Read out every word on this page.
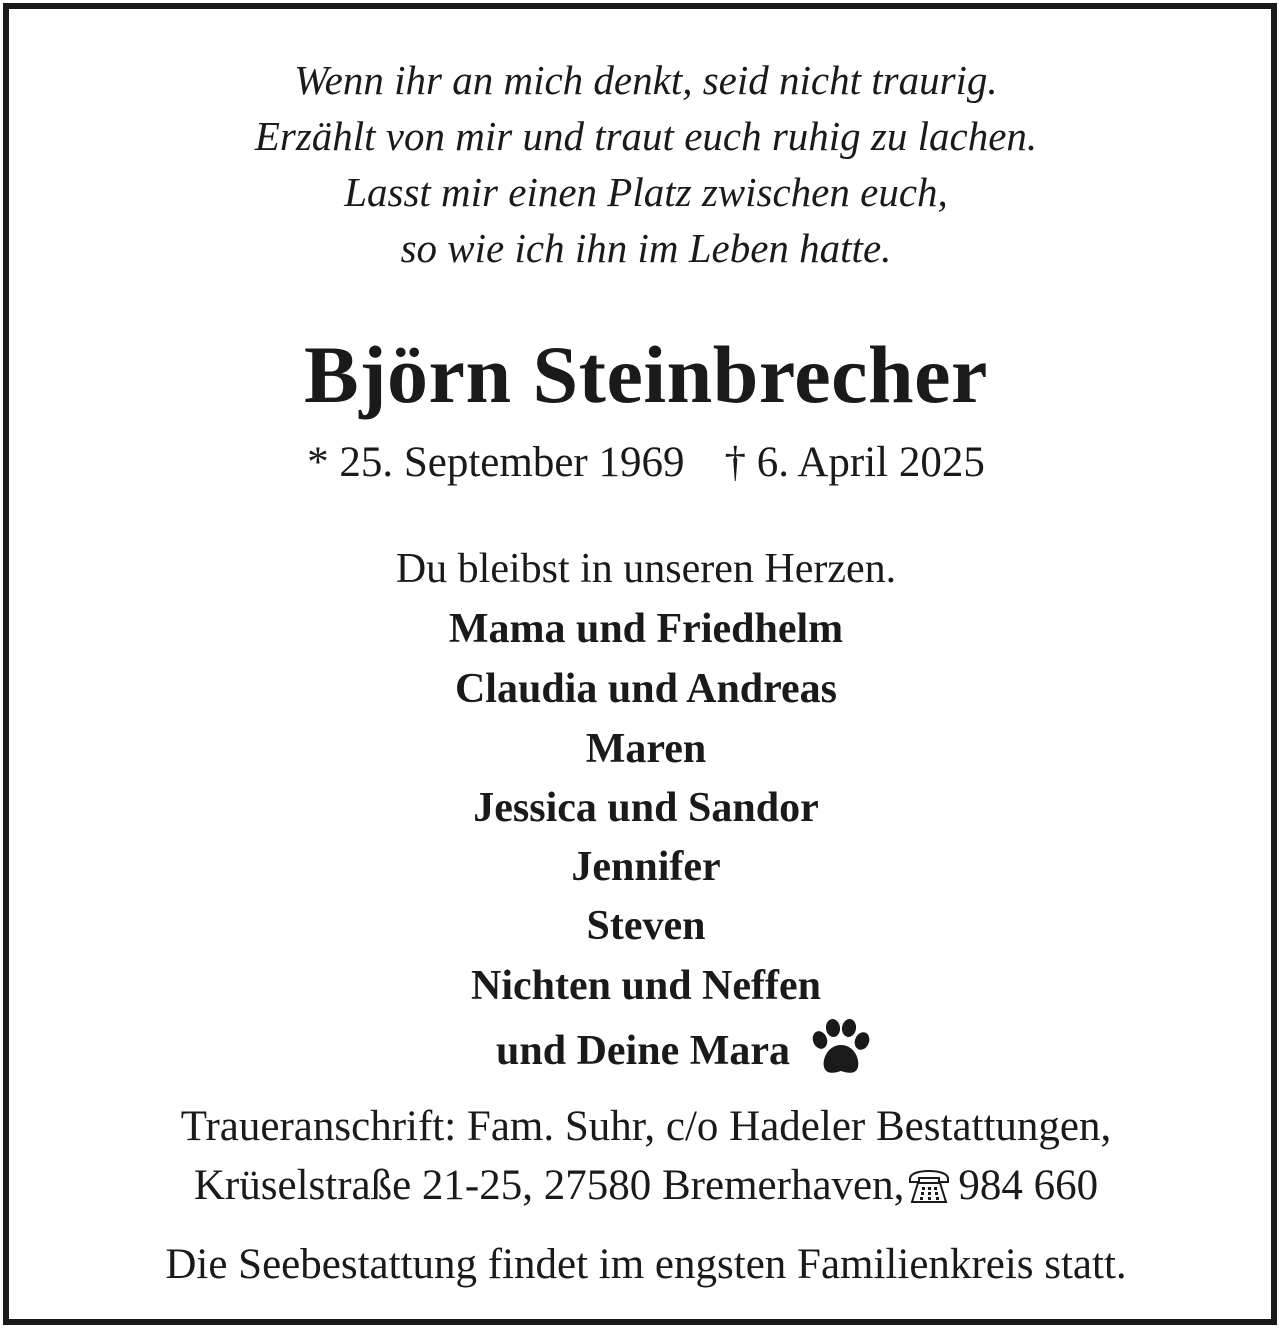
Wenn ihr an mich denkt, seid nicht traurig.
Erzählt von mir und traut euch ruhig zu lachen.
Lasst mir einen Platz zwischen euch,
so wie ich ihn im Leben hatte.
Björn Steinbrecher
* 25. September 1969 † 6. April 2025
Du bleibst in unseren Herzen.
Mama und Friedhelm
Claudia und Andreas
Maren
Jessica und Sandor
Jennifer
Steven
Nichten und Neffen
und Deine Mara
Traueranschrift: Fam. Suhr, c/o Hadeler Bestattungen,
Krüselstraße 21-25, 27580 Bremerhaven, 984 660
Die Seebestattung findet im engsten Familienkreis statt.
